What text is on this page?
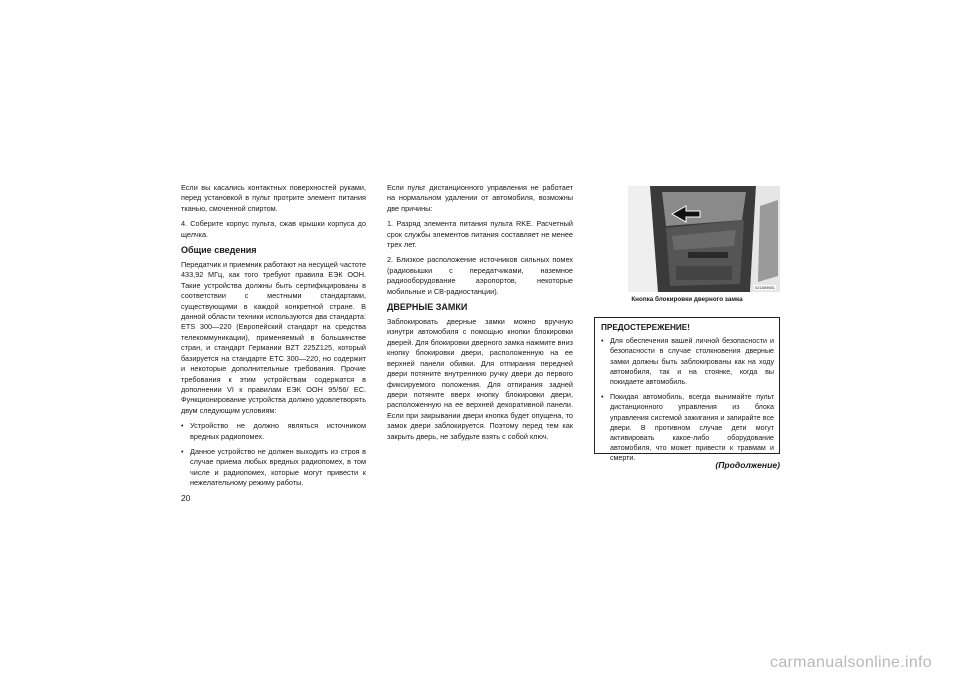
Если вы касались контактных поверхностей руками, перед установкой в пульт протрите элемент питания тканью, смоченной спиртом.

4. Соберите корпус пульта, сжав крышки корпуса до щелчка.

Общие сведения

Передатчик и приемник работают на несущей частоте 433,92 МГц, как того требуют правила ЕЭК ООН. Такие устройства должны быть сертифицированы в соответствии с местными стандартами, существующими в каждой конкретной стране. В данной области техники используются два стандарта: ETS 300—220 (Европейский стандарт на средства телекоммуникации), применяемый в большинстве стран, и стандарт Германии BZT 225Z125, который базируется на стандарте ETC 300—220, но содержит и некоторые дополнительные требования. Прочие требования к этим устройствам содержатся в дополнении VI к правилам ЕЭК ООН 95/56/ ЕС. Функционирование устройства должно удовлетворять двум следующим условиям:

• Устройство не должно являться источником вредных радиопомех.
• Данное устройство не должен выходить из строя в случае приема любых вредных радиопомех, в том числе и радиопомех, которые могут привести к нежелательному режиму работы.

Если пульт дистанционного управления не работает на нормальном удалении от автомобиля, возможны две причины:

1. Разряд элемента питания пульта RKE. Расчетный срок службы элементов питания составляет не менее трех лет.

2. Близкое расположение источников сильных помех (радиовышки с передатчиками, наземное радиооборудование аэропортов, некоторые мобильные и CB-радиостанции).

ДВЕРНЫЕ ЗАМКИ

Заблокировать дверные замки можно вручную изнутри автомобиля с помощью кнопки блокировки дверей. Для блокировки дверного замка нажмите вниз кнопку блокировки двери, расположенную на ее верхней панели обивки. Для отпирания передней двери потяните внутреннюю ручку двери до первого фиксируемого положения. Для отпирания задней двери потяните вверх кнопку блокировки двери, расположенную на ее верхней декоративной панели. Если при закрывании двери кнопка будет опущена, то замок двери заблокируется. Поэтому перед тем как закрыть дверь, не забудьте взять с собой ключ.

021809651
Кнопка блокировки дверного замка
ПРЕДОСТЕРЕЖЕНИЕ!
• Для обеспечения вашей личной безопасности и безопасности в случае столкновения дверные замки должны быть заблокированы как на ходу автомобиля, так и на стоянке, когда вы покидаете автомобиль.
• Покидая автомобиль, всегда вынимайте пульт дистанционного управления из блока управления системой зажигания и запирайте все двери. В противном случае дети могут активировать какое-либо оборудование автомобиля, что может привести к травмам и смерти.
(Продолжение)
20
carmanualsonline.info
